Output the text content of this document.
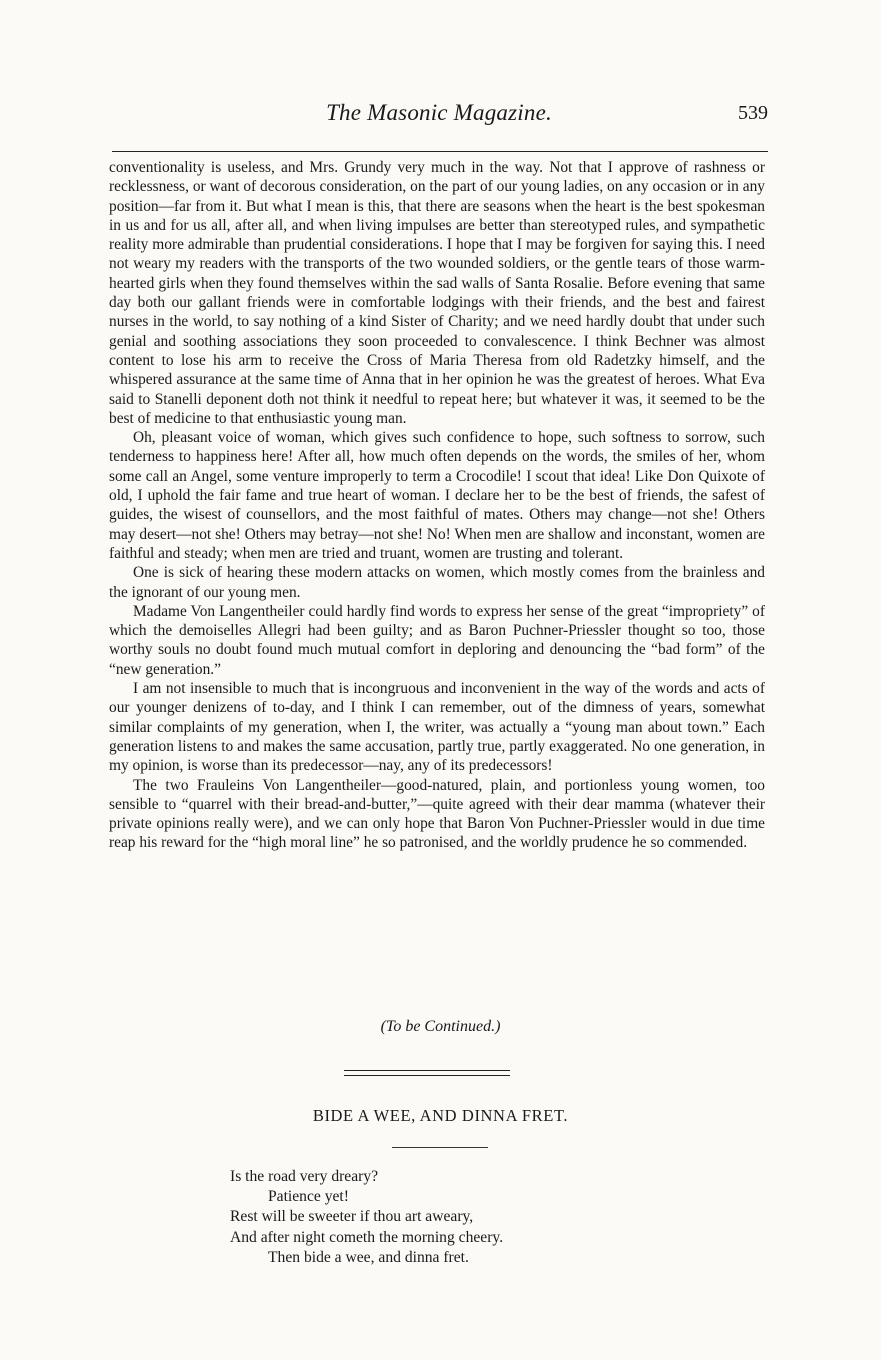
The Masonic Magazine.	539

conventionality is useless, and Mrs. Grundy very much in the way. Not that I approve of rashness or recklessness, or want of decorous consideration, on the part of our young ladies, on any occasion or in any position—far from it. But what I mean is this, that there are seasons when the heart is the best spokesman in us and for us all, after all, and when living impulses are better than stereotyped rules, and sympathetic reality more admirable than prudential considerations. I hope that I may be forgiven for saying this. I need not weary my readers with the transports of the two wounded soldiers, or the gentle tears of those warm-hearted girls when they found themselves within the sad walls of Santa Rosalie. Before evening that same day both our gallant friends were in comfortable lodgings with their friends, and the best and fairest nurses in the world, to say nothing of a kind Sister of Charity; and we need hardly doubt that under such genial and soothing associations they soon proceeded to convalescence. I think Bechner was almost content to lose his arm to receive the Cross of Maria Theresa from old Radetzky himself, and the whispered assurance at the same time of Anna that in her opinion he was the greatest of heroes. What Eva said to Stanelli deponent doth not think it needful to repeat here; but whatever it was, it seemed to be the best of medicine to that enthusiastic young man.

Oh, pleasant voice of woman, which gives such confidence to hope, such softness to sorrow, such tenderness to happiness here! After all, how much often depends on the words, the smiles of her, whom some call an Angel, some venture improperly to term a Crocodile! I scout that idea! Like Don Quixote of old, I uphold the fair fame and true heart of woman. I declare her to be the best of friends, the safest of guides, the wisest of counsellors, and the most faithful of mates. Others may change—not she! Others may desert—not she! Others may betray—not she! No! When men are shallow and inconstant, women are faithful and steady; when men are tried and truant, women are trusting and tolerant.

One is sick of hearing these modern attacks on women, which mostly comes from the brainless and the ignorant of our young men.

Madame Von Langentheiler could hardly find words to express her sense of the great “impropriety” of which the demoiselles Allegri had been guilty; and as Baron Puchner-Priessler thought so too, those worthy souls no doubt found much mutual comfort in deploring and denouncing the “bad form” of the “new generation.”

I am not insensible to much that is incongruous and inconvenient in the way of the words and acts of our younger denizens of to-day, and I think I can remember, out of the dimness of years, somewhat similar complaints of my generation, when I, the writer, was actually a “young man about town.” Each generation listens to and makes the same accusation, partly true, partly exaggerated. No one generation, in my opinion, is worse than its predecessor—nay, any of its predecessors!

The two Frauleins Von Langentheiler—good-natured, plain, and portionless young women, too sensible to “quarrel with their bread-and-butter,”—quite agreed with their dear mamma (whatever their private opinions really were), and we can only hope that Baron Von Puchner-Priessler would in due time reap his reward for the “high moral line” he so patronised, and the worldly prudence he so commended.

(To be Continued.)
BIDE A WEE, AND DINNA FRET.
Is the road very dreary?
Patience yet!
Rest will be sweeter if thou art aweary,
And after night cometh the morning cheery.
Then bide a wee, and dinna fret.
